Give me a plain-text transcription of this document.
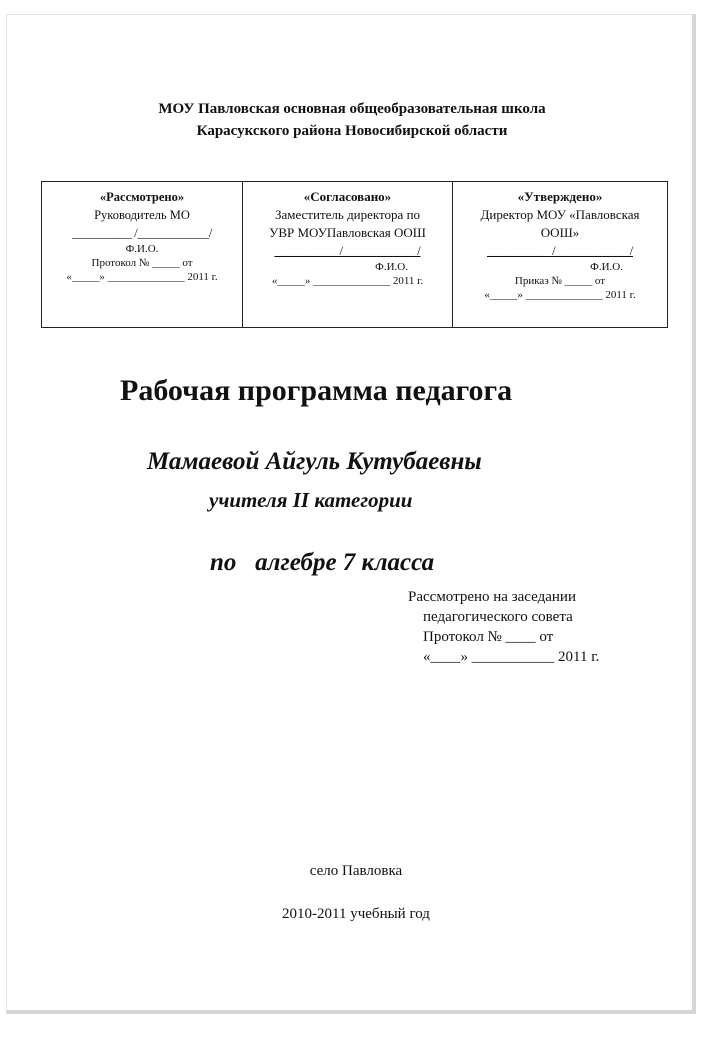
МОУ Павловская основная общеобразовательная школа
Карасукского района Новосибирской области
«Рассмотрено»
Руководитель МО
__________ /____________/
Ф.И.О.
Протокол № _____ от
«_____» ______________ 2011 г.
«Согласовано»
Заместитель директора по
УВР МОУПавловская ООШ
__________ /____________/
Ф.И.О.
«_____» ______________ 2011 г.
«Утверждено»
Директор МОУ «Павловская
ООШ»
__________ /____________/
Ф.И.О.
Приказ № _____ от
«_____» ______________ 2011 г.
Рабочая программа педагога
Мамаевой Айгуль Кутубаевны
учителя II категории
по   алгебре 7 класса
Рассмотрено на заседании
педагогического совета
Протокол № ____ от
«____» ___________ 2011 г.
село Павловка
2010-2011 учебный год
